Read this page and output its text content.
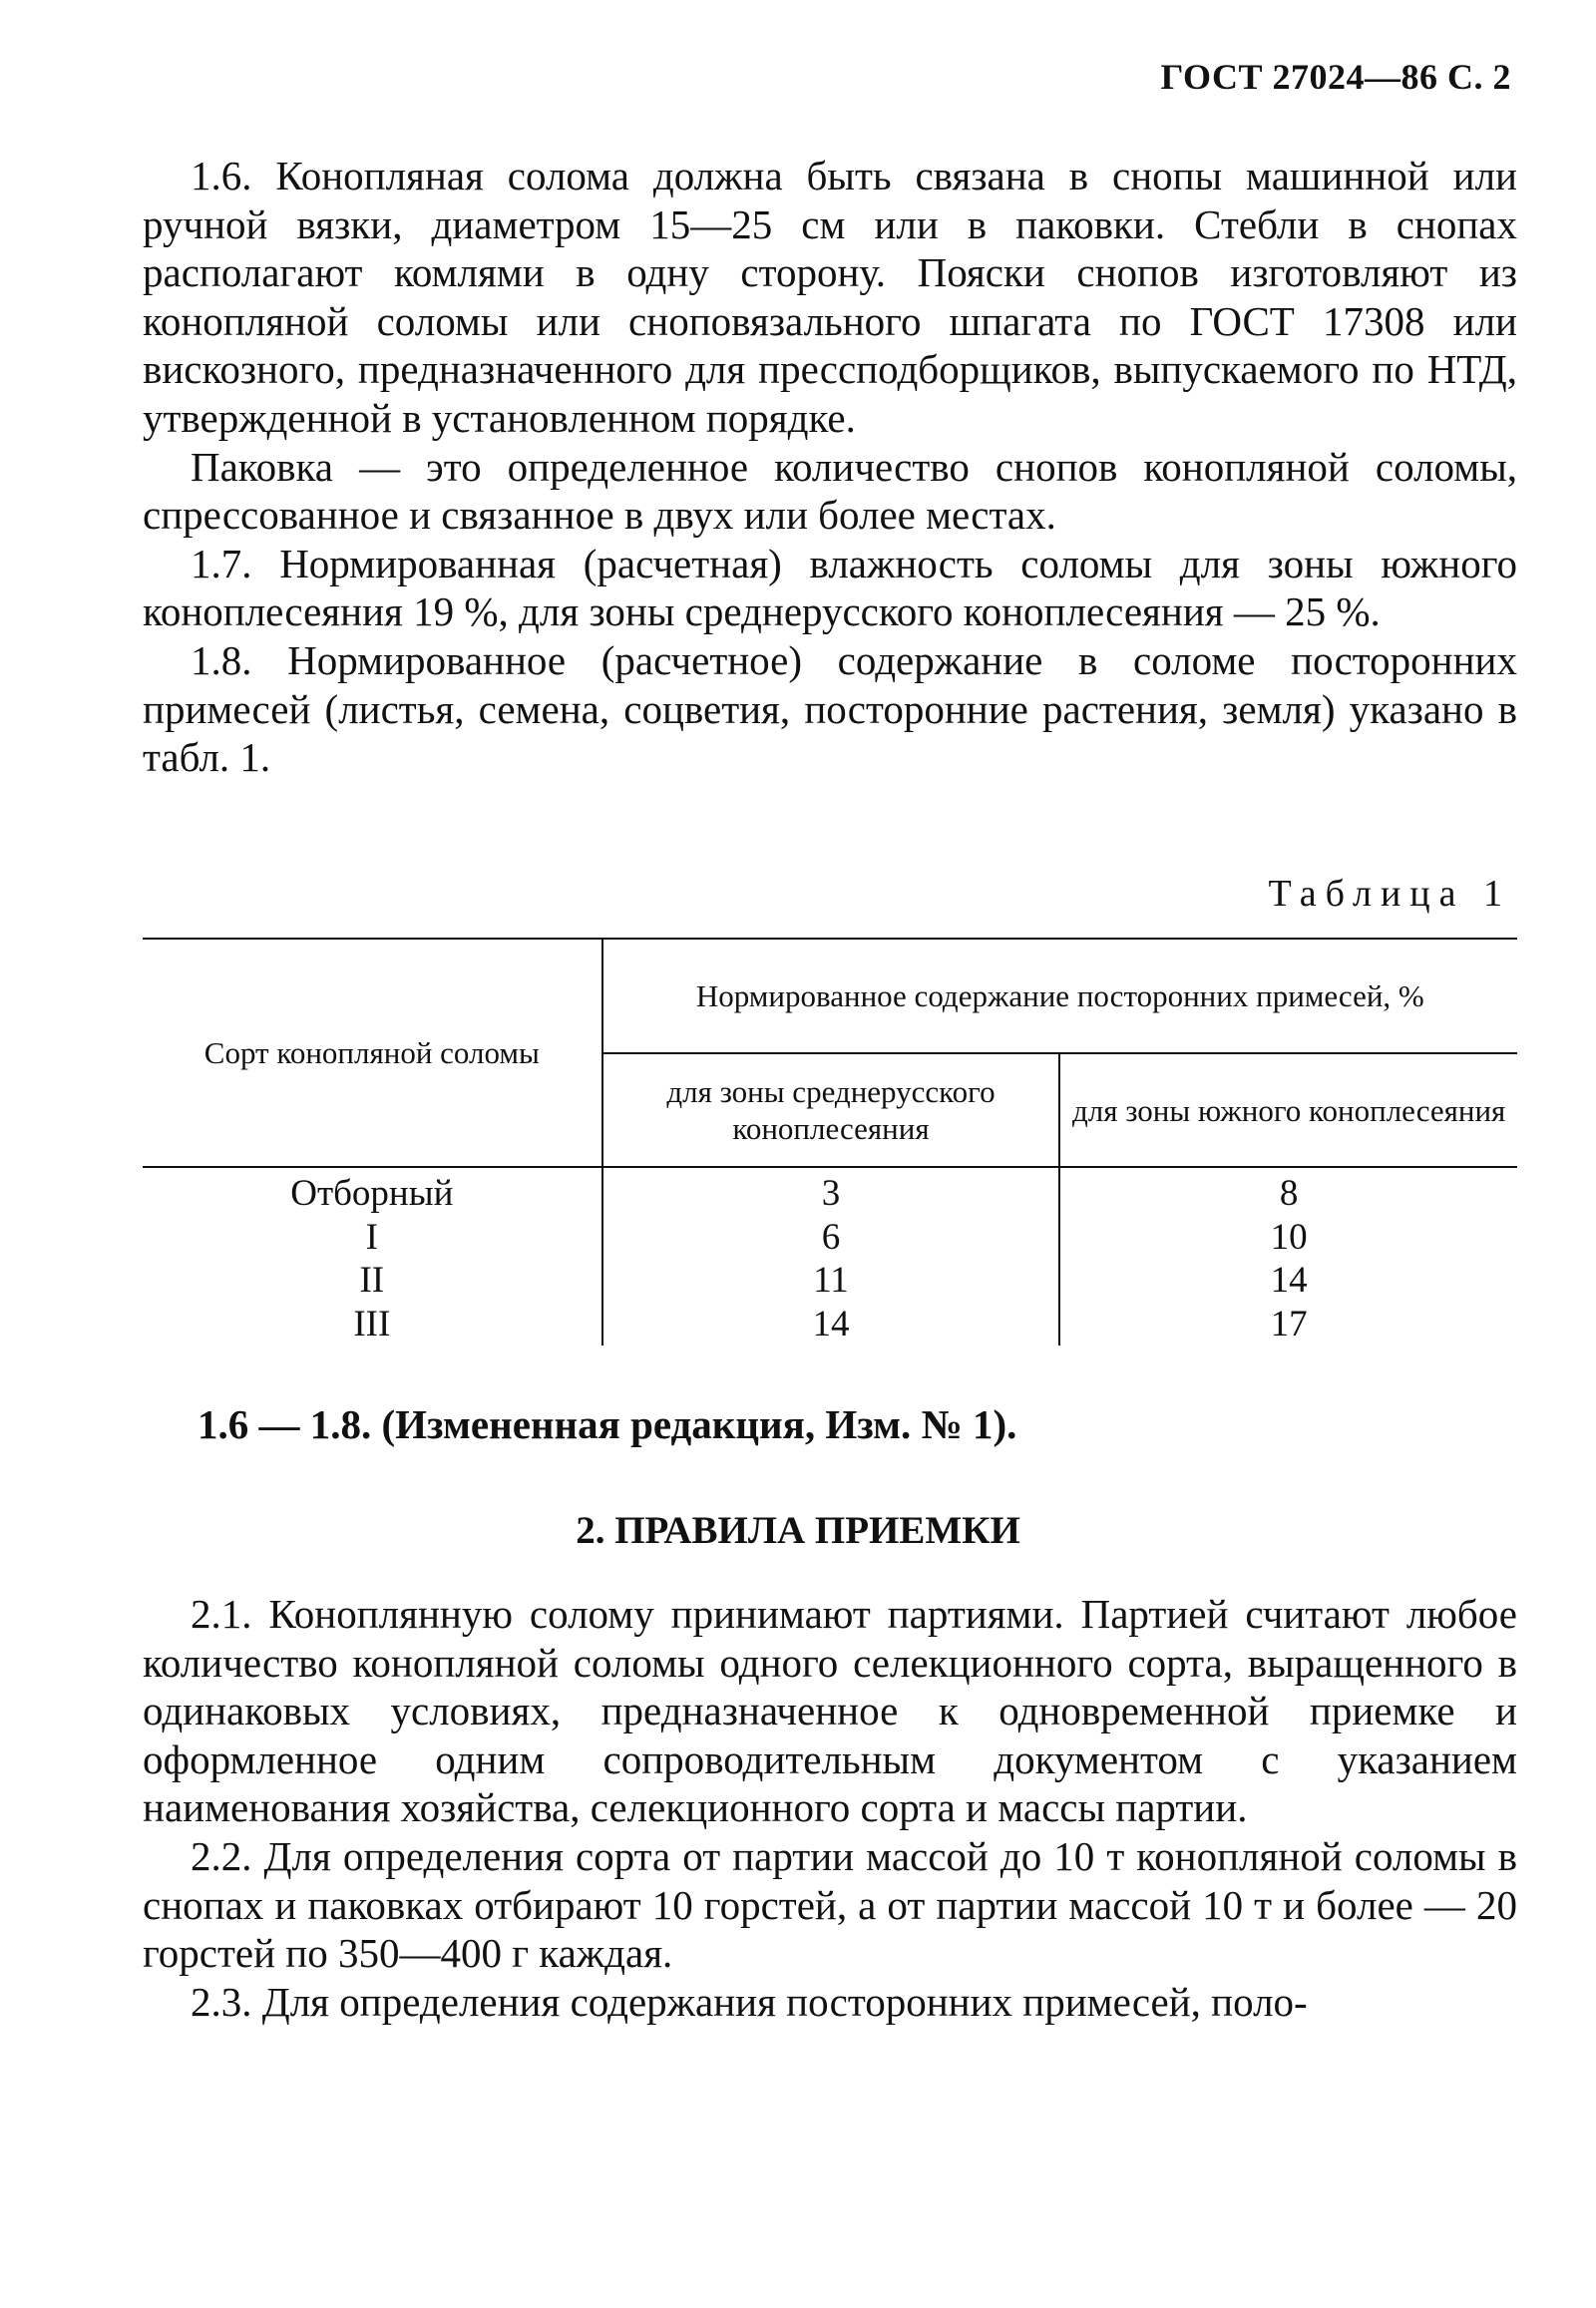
ГОСТ 27024—86 С. 2

1.6. Конопляная солома должна быть связана в снопы машинной или ручной вязки, диаметром 15—25 см или в паковки. Стебли в снопах располагают комлями в одну сторону. Пояски снопов изготовляют из конопляной соломы или сноповязального шпагата по ГОСТ 17308 или вискозного, предназначенного для прессподборщиков, выпускаемого по НТД, утвержденной в установленном порядке.

Паковка — это определенное количество снопов конопляной соломы, спрессованное и связанное в двух или более местах.

1.7. Нормированная (расчетная) влажность соломы для зоны южного коноплесеяния 19 %, для зоны среднерусского коноплесеяния — 25 %.

1.8. Нормированное (расчетное) содержание в соломе посторонних примесей (листья, семена, соцветия, посторонние растения, земля) указано в табл. 1.

Таблица 1

Сорт конопляной соломы	Нормированное содержание посторонних примесей, %	
	для зоны среднерусского коноплесеяния	для зоны южного коноплесеяния
Отборный	3	8
I	6	10
II	11	14
III	14	17
1.6 — 1.8. (Измененная редакция, Изм. № 1).
2. ПРАВИЛА ПРИЕМКИ

2.1. Коноплянную солому принимают партиями. Партией считают любое количество конопляной соломы одного селекционного сорта, выращенного в одинаковых условиях, предназначенное к одновременной приемке и оформленное одним сопроводительным документом с указанием наименования хозяйства, селекционного сорта и массы партии.

2.2. Для определения сорта от партии массой до 10 т конопляной соломы в снопах и паковках отбирают 10 горстей, а от партии массой 10 т и более — 20 горстей по 350—400 г каждая.

2.3. Для определения содержания посторонних примесей, поло-
